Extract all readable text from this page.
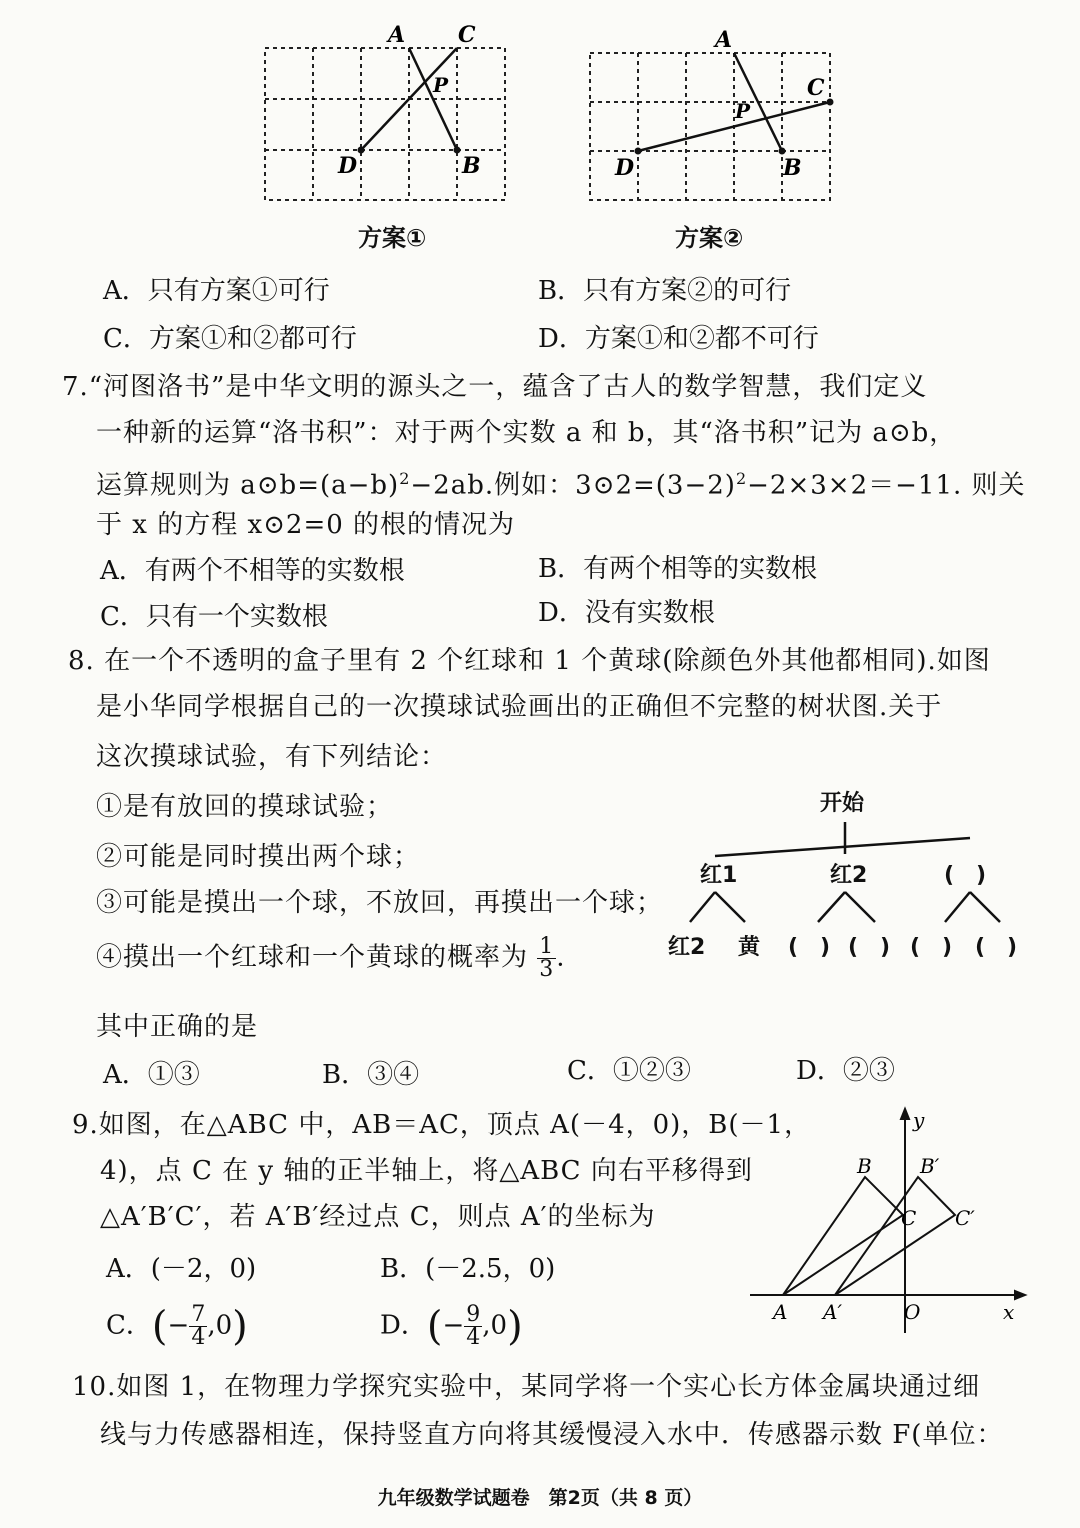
A C
P
D	B
方案①
A
C
P
D	B
方案②
A．只有方案①可行	B．只有方案②的可行
C．方案①和②都可行	D．方案①和②都不可行
7.“河图洛书”是中华文明的源头之一，蕴含了古人的数学智慧，我们定义
一种新的运算“洛书积”：对于两个实数 a 和 b，其“洛书积”记为 a⊙b，
运算规则为 $a⊙b=(a-b)^2-2ab$.例如：$3⊙2=(3-2)^2-2\times 3\times 2=-11$. 则关
于 x 的方程 x⊙2=0 的根的情况为
A．有两个不相等的实数根	B．有两个相等的实数根
C．只有一个实数根	D．没有实数根
8. 在一个不透明的盒子里有 2 个红球和 1 个黄球(除颜色外其他都相同).如图
是小华同学根据自己的一次摸球试验画出的正确但不完整的树状图.关于
这次摸球试验，有下列结论：
①是有放回的摸球试验；
②可能是同时摸出两个球；
③可能是摸出一个球，不放回，再摸出一个球；
④摸出一个红球和一个黄球的概率为 $\frac{1}{3}$ .
其中正确的是
A．①③	B．③④	C．①②③	D．②③
开始
红1	红2	(　)
红2 黄 (　) (　) (　) (　)
9.如图，在△ABC 中，AB＝AC，顶点 A(－4，0)，B(－1，
4)，点 C 在 y 轴的正半轴上，将△ABC 向右平移得到
△A′B′C′，若 A′B′经过点 C，则点 A′的坐标为
A．(－2，0)	B．(－2.5，0)
C．(− $\frac{7}{4} ,0$)	D．(− $\frac{9}{4} ,0$)
y
B B′
C C′
A A′	O	x
10.如图 1，在物理力学探究实验中，某同学将一个实心长方体金属块通过细
线与力传感器相连，保持竖直方向将其缓慢浸入水中．传感器示数 F(单位：
九年级数学试题卷　第2页（共 8 页）
